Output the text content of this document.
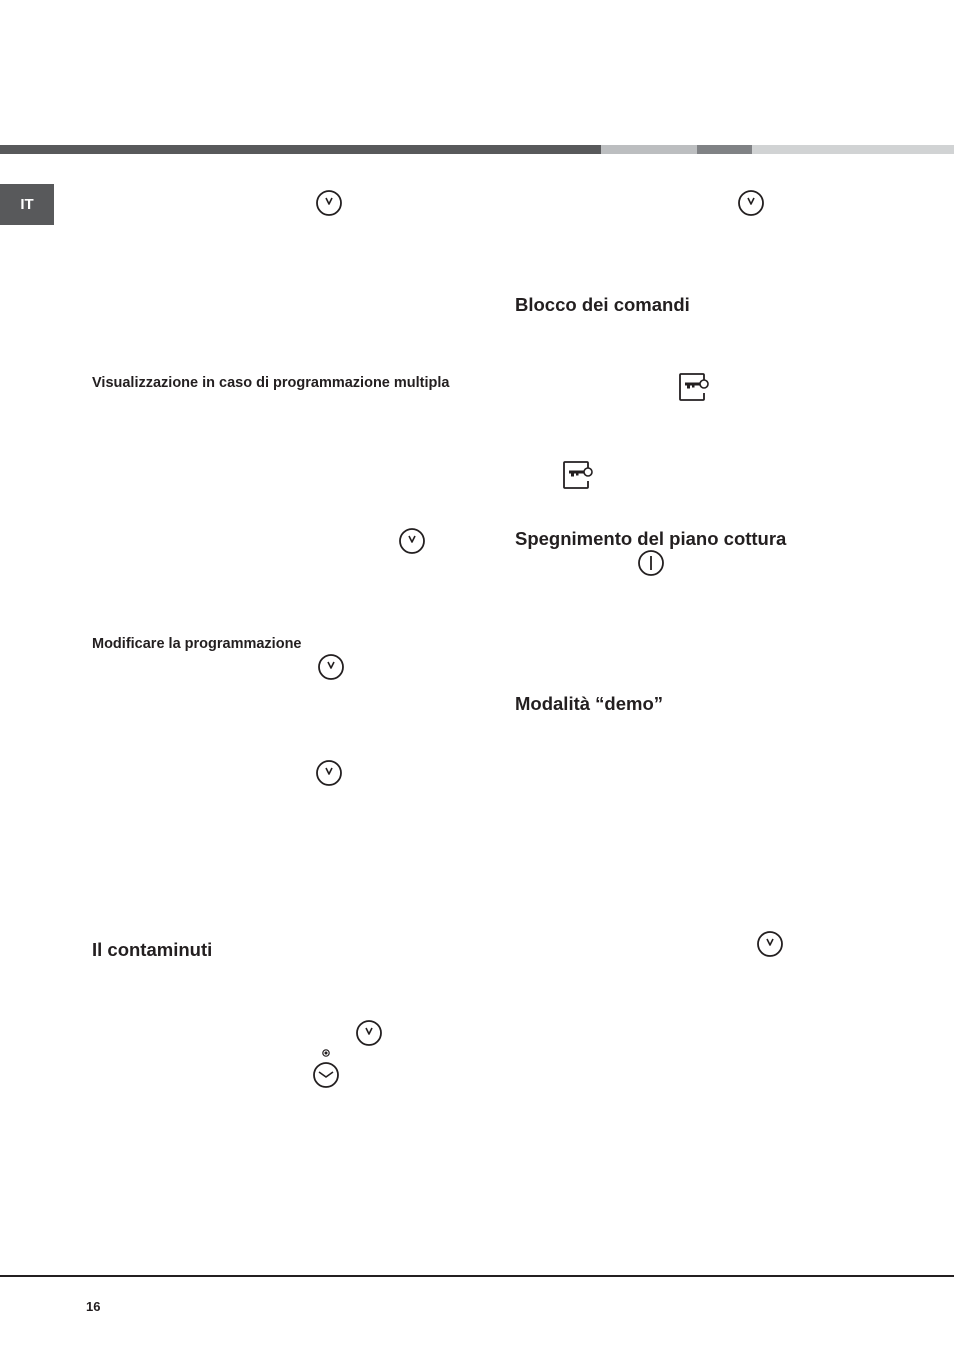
IT
Visualizzazione in caso di programmazione multipla
Modificare la programmazione
Il contaminuti
Blocco dei comandi
Spegnimento del piano cottura
Modalità “demo”
16
